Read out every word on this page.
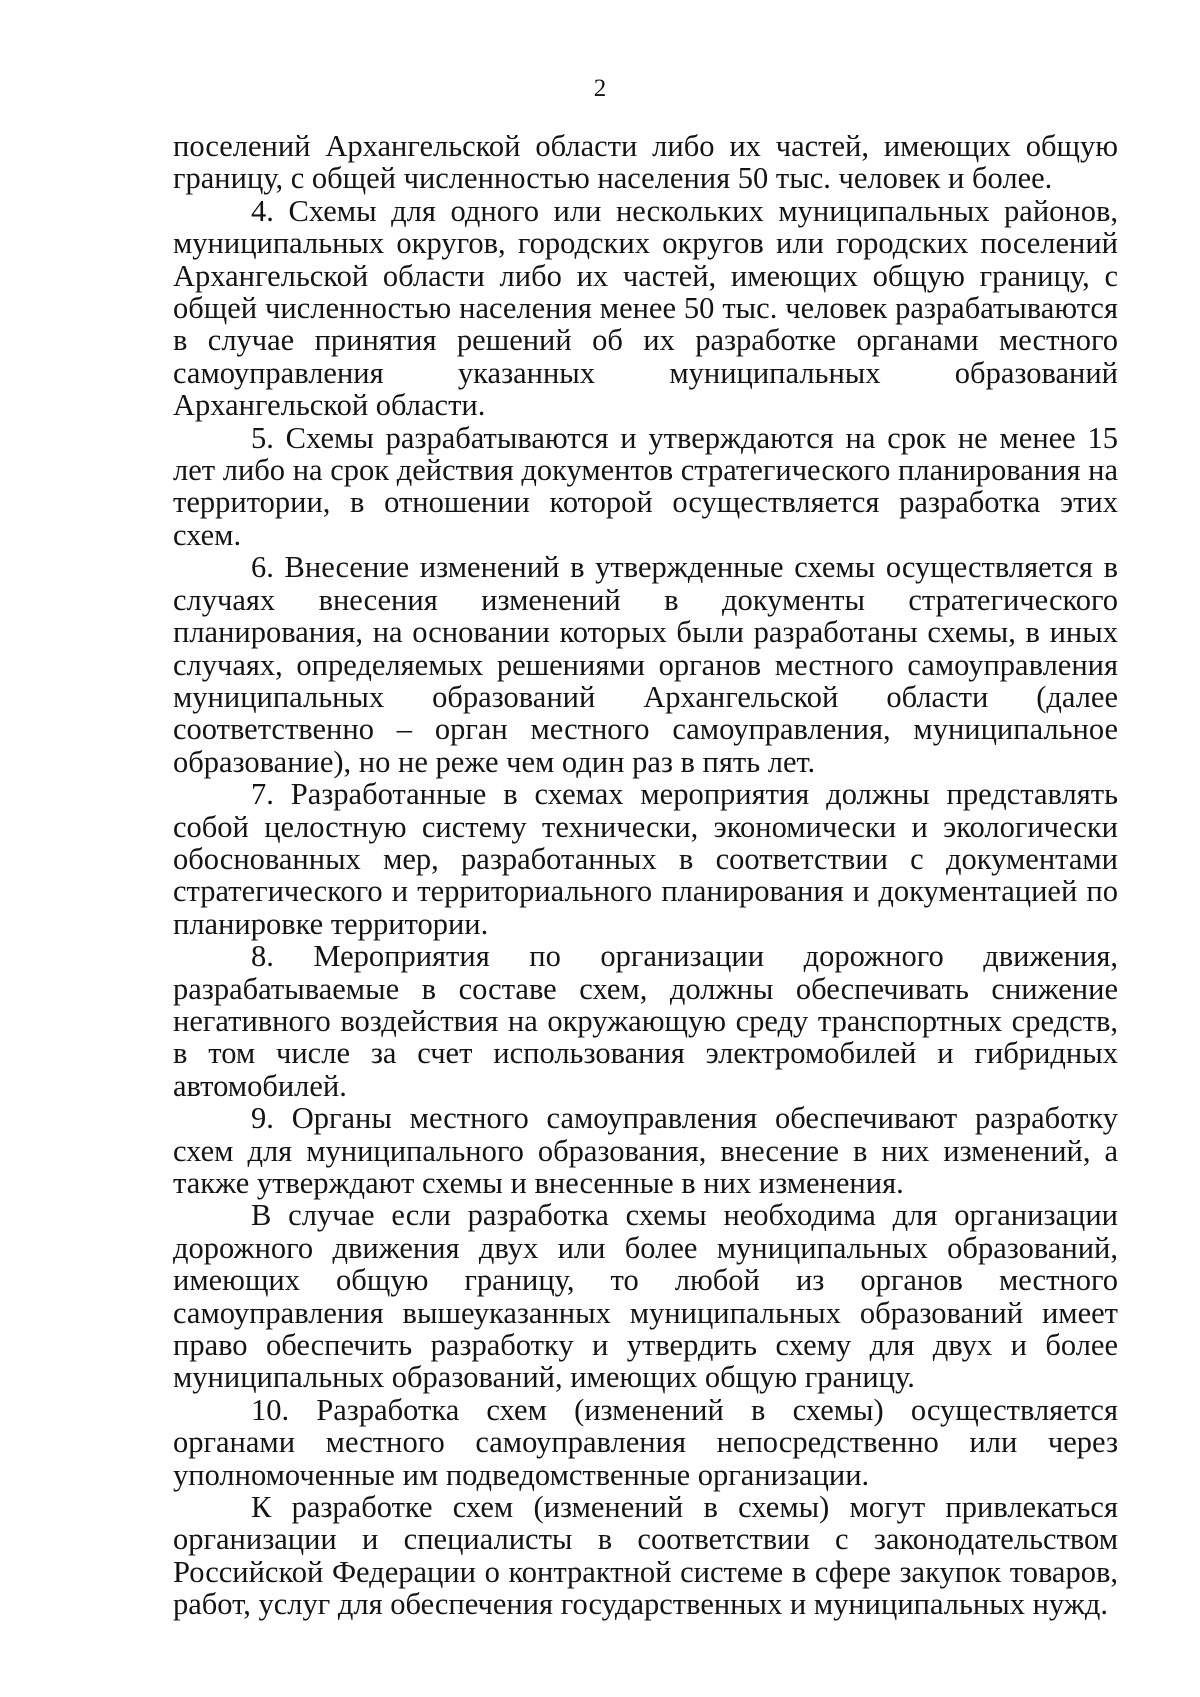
2

поселений Архангельской области либо их частей, имеющих общую границу, с общей численностью населения 50 тыс. человек и более.

4. Схемы для одного или нескольких муниципальных районов, муниципальных округов, городских округов или городских поселений Архангельской области либо их частей, имеющих общую границу, с общей численностью населения менее 50 тыс. человек разрабатываются в случае принятия решений об их разработке органами местного самоуправления указанных муниципальных образований Архангельской области.

5. Схемы разрабатываются и утверждаются на срок не менее 15 лет либо на срок действия документов стратегического планирования на территории, в отношении которой осуществляется разработка этих схем.

6. Внесение изменений в утвержденные схемы осуществляется в случаях внесения изменений в документы стратегического планирования, на основании которых были разработаны схемы, в иных случаях, определяемых решениями органов местного самоуправления муниципальных образований Архангельской области (далее соответственно – орган местного самоуправления, муниципальное образование), но не реже чем один раз в пять лет.

7. Разработанные в схемах мероприятия должны представлять собой целостную систему технически, экономически и экологически обоснованных мер, разработанных в соответствии с документами стратегического и территориального планирования и документацией по планировке территории.

8. Мероприятия по организации дорожного движения, разрабатываемые в составе схем, должны обеспечивать снижение негативного воздействия на окружающую среду транспортных средств, в том числе за счет использования электромобилей и гибридных автомобилей.

9. Органы местного самоуправления обеспечивают разработку схем для муниципального образования, внесение в них изменений, а также утверждают схемы и внесенные в них изменения.

В случае если разработка схемы необходима для организации дорожного движения двух или более муниципальных образований, имеющих общую границу, то любой из органов местного самоуправления вышеуказанных муниципальных образований имеет право обеспечить разработку и утвердить схему для двух и более муниципальных образований, имеющих общую границу.

10. Разработка схем (изменений в схемы) осуществляется органами местного самоуправления непосредственно или через уполномоченные им подведомственные организации.

К разработке схем (изменений в схемы) могут привлекаться организации и специалисты в соответствии с законодательством Российской Федерации о контрактной системе в сфере закупок товаров, работ, услуг для обеспечения государственных и муниципальных нужд.
